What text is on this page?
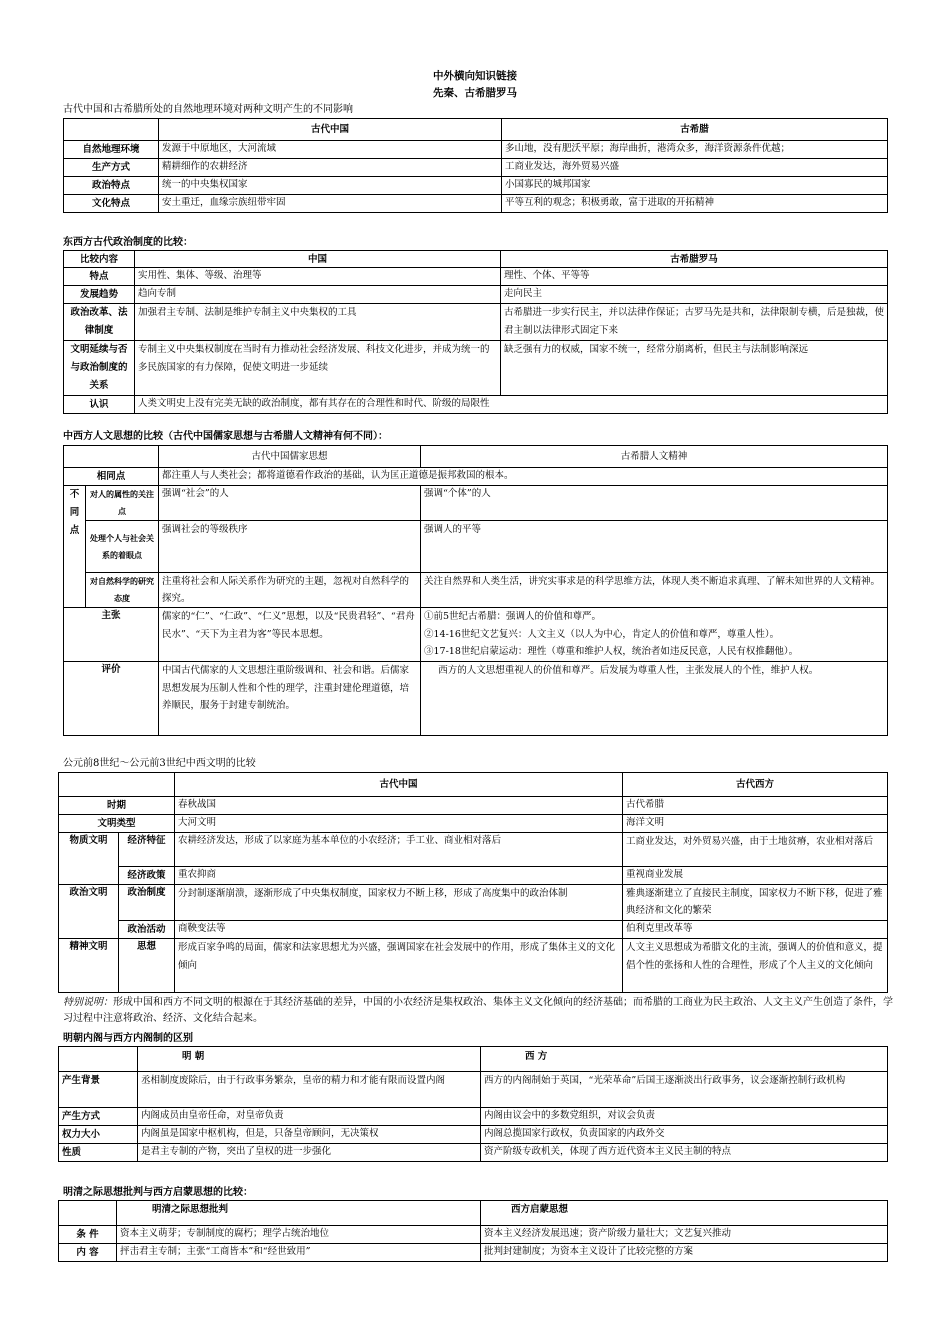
中外横向知识链接
先秦、古希腊罗马
古代中国和古希腊所处的自然地理环境对两种文明产生的不同影响
	古代中国	古希腊
自然地理环境	发源于中原地区，大河流域	多山地，没有肥沃平原；海岸曲折，港湾众多，海洋资源条件优越；
生产方式	精耕细作的农耕经济	工商业发达，海外贸易兴盛
政治特点	统一的中央集权国家	小国寡民的城邦国家
文化特点	安土重迁，血缘宗族纽带牢固	平等互利的观念；积极勇敢，富于进取的开拓精神
东西方古代政治制度的比较：
比较内容	中国	古希腊罗马
特点	实用性、集体、等级、治理等	理性、个体、平等等
发展趋势	趋向专制	走向民主
政治改革、法律制度	加强君主专制、法制是维护专制主义中央集权的工具	古希腊进一步实行民主，并以法律作保证；古罗马先是共和，法律限制专横，后是独裁，使君主制以法律形式固定下来
文明延续与否与政治制度的关系	专制主义中央集权制度在当时有力推动社会经济发展、科技文化进步，并成为统一的多民族国家的有力保障，促使文明进一步延续	缺乏强有力的权威，国家不统一，经常分崩离析，但民主与法制影响深远
认识	人类文明史上没有完美无缺的政治制度，都有其存在的合理性和时代、阶级的局限性	
中西方人文思想的比较（古代中国儒家思想与古希腊人文精神有何不同）：
		古代中国儒家思想	古希腊人文精神
相同点		都注重人与人类社会；都将道德看作政治的基础，认为匡正道德是振邦救国的根本。	
不同点	对人的属性的关注点	强调“社会”的人	强调“个体”的人
	处理个人与社会关系的着眼点	强调社会的等级秩序	强调人的平等
	对自然科学的研究态度	注重将社会和人际关系作为研究的主题，忽视对自然科学的探究。	关注自然界和人类生活，讲究实事求是的科学思维方法，体现人类不断追求真理、了解未知世界的人文精神。
主张		儒家的“仁”、“仁政”、“仁义”思想，以及“民贵君轻”、“君舟民水”、“天下为主君为客”等民本思想。	①前5世纪古希腊：强调人的价值和尊严。
②14-16世纪文艺复兴：人文主义（以人为中心，肯定人的价值和尊严，尊重人性）。
③17-18世纪启蒙运动：理性（尊重和维护人权，统治者如违反民意，人民有权推翻他）。

评价		中国古代儒家的人文思想注重阶级调和、社会和谐。后儒家思想发展为压制人性和个性的理学，注重封建伦理道德，培养顺民，服务于封建专制统治。	西方的人文思想重视人的价值和尊严。后发展为尊重人性，主张发展人的个性，维护人权。
公元前8世纪～公元前3世纪中西文明的比较
		古代中国	古代西方
时期		春秋战国	古代希腊
文明类型		大河文明	海洋文明
物质文明	经济特征	农耕经济发达，形成了以家庭为基本单位的小农经济；手工业、商业相对落后	工商业发达，对外贸易兴盛，由于土地贫瘠，农业相对落后
	经济政策	重农抑商	重视商业发展
政治文明	政治制度	分封制逐渐崩溃，逐渐形成了中央集权制度，国家权力不断上移，形成了高度集中的政治体制	雅典逐渐建立了直接民主制度，国家权力不断下移，促进了雅典经济和文化的繁荣
	政治活动	商鞅变法等	伯利克里改革等
精神文明	思想	形成百家争鸣的局面，儒家和法家思想尤为兴盛，强调国家在社会发展中的作用，形成了集体主义的文化倾向	人文主义思想成为希腊文化的主流，强调人的价值和意义，提倡个性的张扬和人性的合理性，形成了个人主义的文化倾向
特别说明：形成中国和西方不同文明的根源在于其经济基础的差异，中国的小农经济是集权政治、集体主义文化倾向的经济基础；而希腊的工商业为民主政治、人文主义产生创造了条件，学习过程中注意将政治、经济、文化结合起来。
明朝内阁与西方内阁制的区别
	明 朝	西 方
产生背景	丞相制度废除后，由于行政事务繁杂，皇帝的精力和才能有限而设置内阁	西方的内阁制始于英国，“光荣革命”后国王逐渐淡出行政事务，议会逐渐控制行政机构
产生方式	内阁成员由皇帝任命，对皇帝负责	内阁由议会中的多数党组织，对议会负责
权力大小	内阁虽是国家中枢机构，但是，只备皇帝顾问，无决策权	内阁总揽国家行政权，负责国家的内政外交
性质	是君主专制的产物，突出了皇权的进一步强化	资产阶级专政机关，体现了西方近代资本主义民主制的特点
明清之际思想批判与西方启蒙思想的比较：
	明清之际思想批判	西方启蒙思想
条 件	资本主义萌芽；专制制度的腐朽；理学占统治地位	资本主义经济发展迅速；资产阶级力量壮大；文艺复兴推动
内 容	抨击君主专制；主张“工商皆本”和“经世致用”	批判封建制度；为资本主义设计了比较完整的方案
